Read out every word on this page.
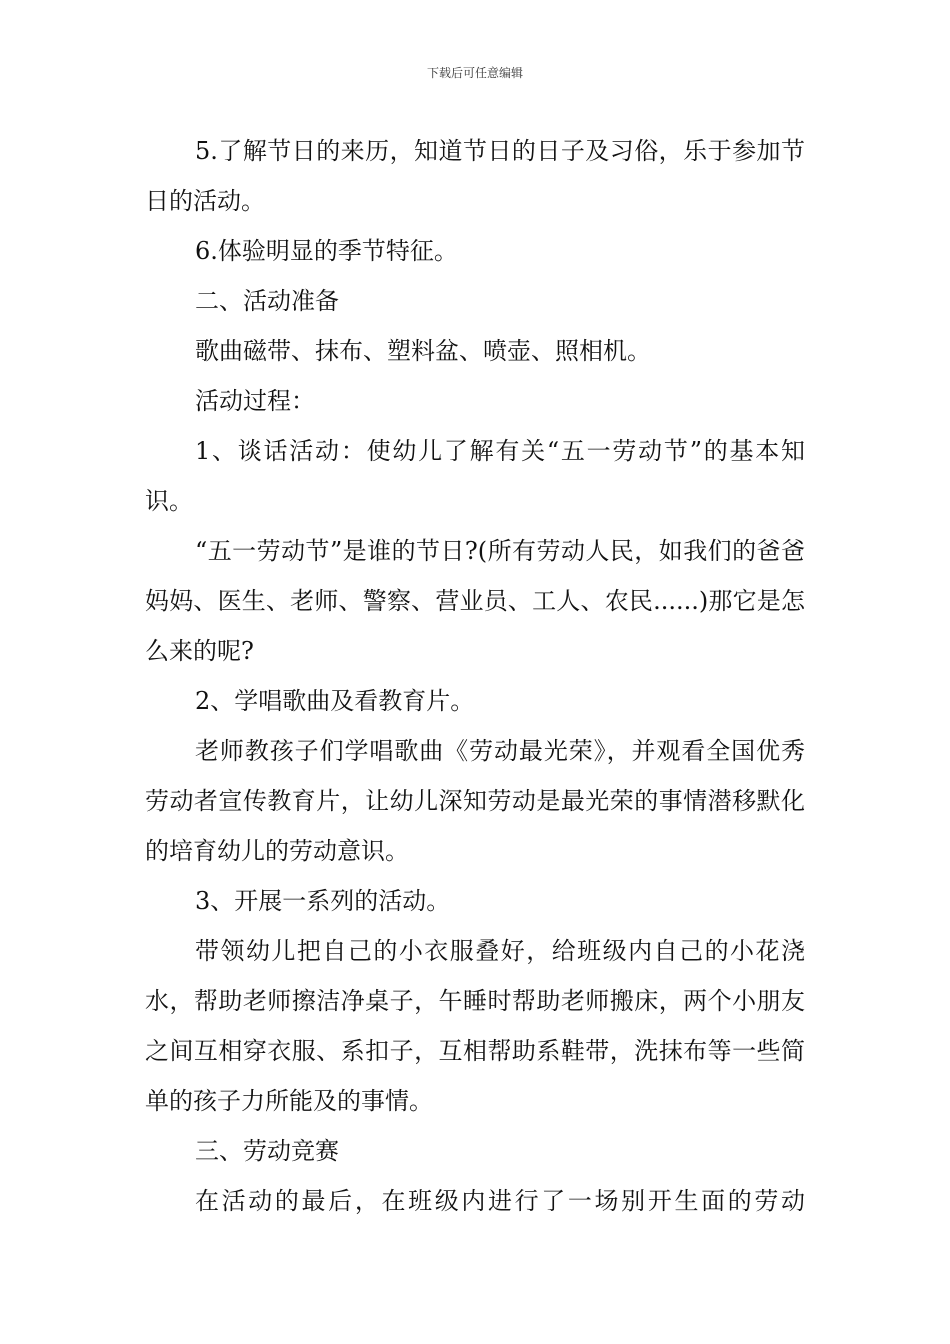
下载后可任意编辑

5.了解节日的来历，知道节日的日子及习俗，乐于参加节日的活动。

6.体验明显的季节特征。

二、活动准备

歌曲磁带、抹布、塑料盆、喷壶、照相机。

活动过程：

1、谈话活动：使幼儿了解有关“五一劳动节”的基本知识。

“五一劳动节”是谁的节日?(所有劳动人民，如我们的爸爸妈妈、医生、老师、警察、营业员、工人、农民......)那它是怎么来的呢?

2、学唱歌曲及看教育片。

老师教孩子们学唱歌曲《劳动最光荣》，并观看全国优秀劳动者宣传教育片，让幼儿深知劳动是最光荣的事情潜移默化的培育幼儿的劳动意识。

3、开展一系列的活动。

带领幼儿把自己的小衣服叠好，给班级内自己的小花浇水，帮助老师擦洁净桌子，午睡时帮助老师搬床，两个小朋友之间互相穿衣服、系扣子，互相帮助系鞋带，洗抹布等一些简单的孩子力所能及的事情。

三、劳动竞赛

在活动的最后，在班级内进行了一场别开生面的劳动
